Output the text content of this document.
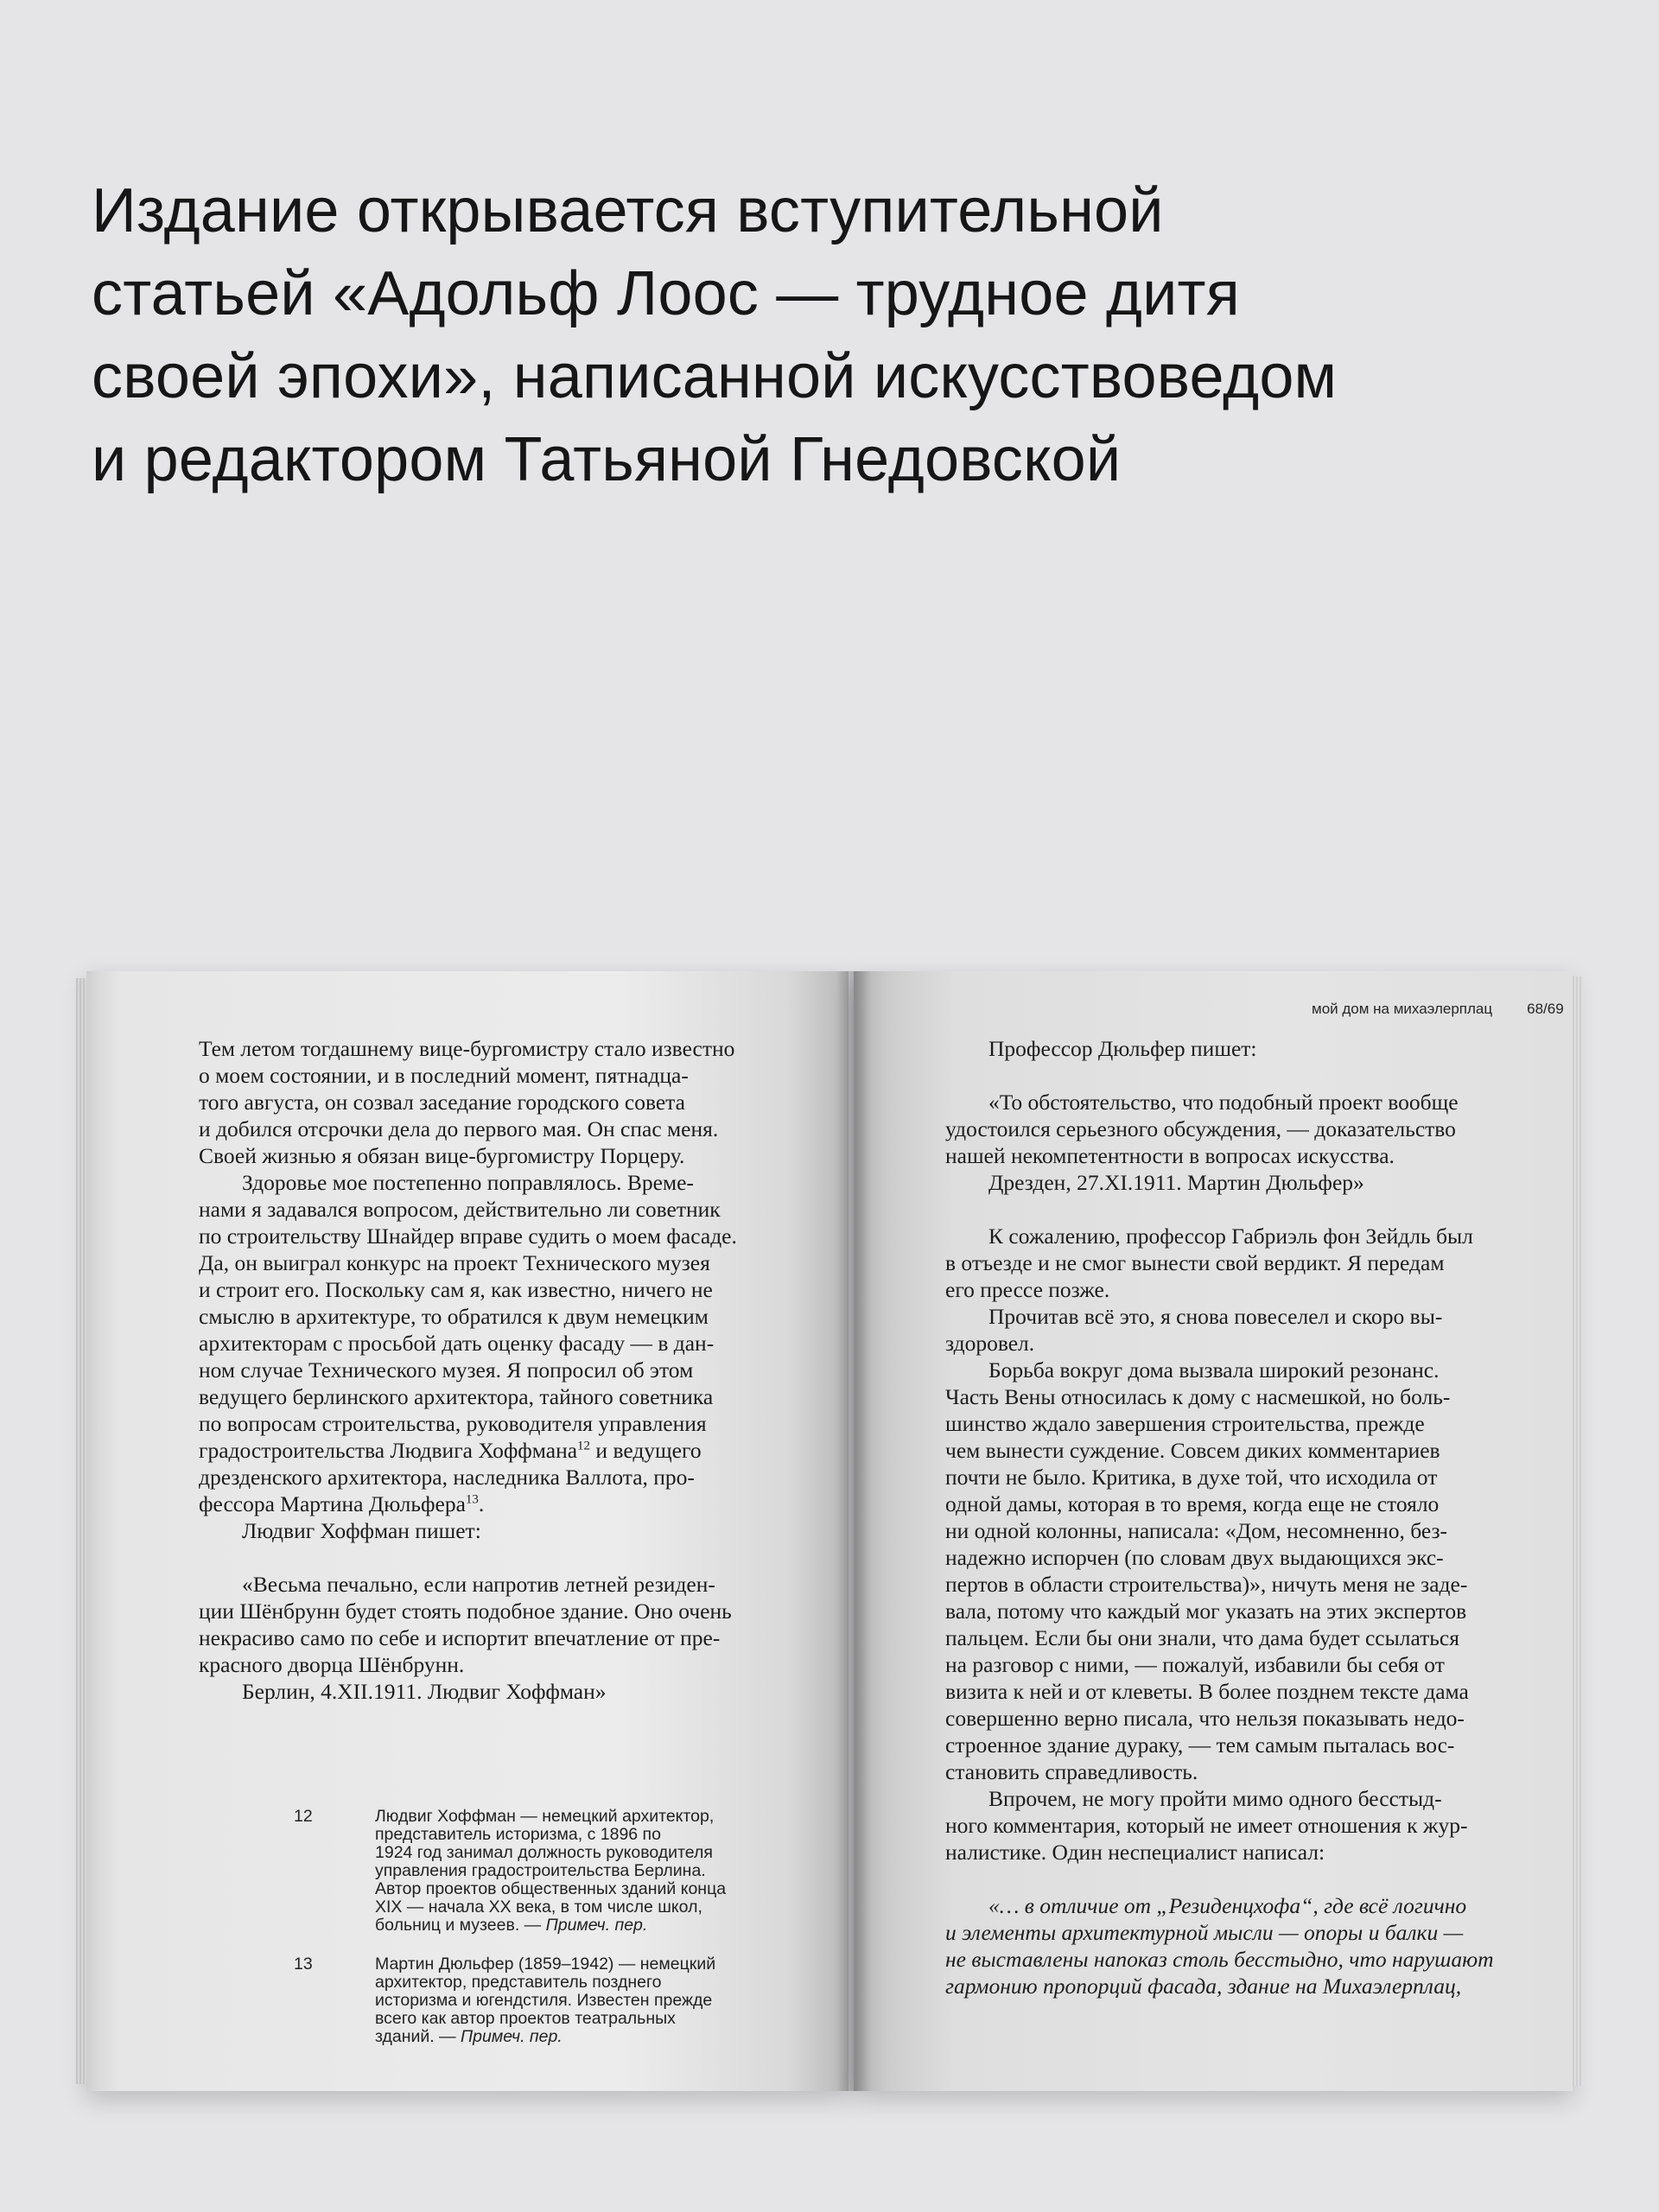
Издание открывается вступительной
статьей «Адольф Лоос — трудное дитя
своей эпохи», написанной искусствоведом
и редактором Татьяной Гнедовской
Тем летом тогдашнему вице-бургомистру стало известно
о моем состоянии, и в последний момент, пятнадца-
того августа, он созвал заседание городского совета
и добился отсрочки дела до первого мая. Он спас меня.
Своей жизнью я обязан вице-бургомистру Порцеру.
Здоровье мое постепенно поправлялось. Време-
нами я задавался вопросом, действительно ли советник
по строительству Шнайдер вправе судить о моем фасаде.
Да, он выиграл конкурс на проект Технического музея
и строит его. Поскольку сам я, как известно, ничего не
смыслю в архитектуре, то обратился к двум немецким
архитекторам с просьбой дать оценку фасаду — в дан-
ном случае Технического музея. Я попросил об этом
ведущего берлинского архитектора, тайного советника
по вопросам строительства, руководителя управления
градостроительства Людвига Хоффмана$^{12}$ и ведущего
дрезденского архитектора, наследника Валлота, про-
фессора Мартина Дюльфера$^{13}$.
Людвиг Хоффман пишет:
«Весьма печально, если напротив летней резиден-
ции Шёнбрунн будет стоять подобное здание. Оно очень
некрасиво само по себе и испортит впечатление от пре-
красного дворца Шёнбрунн.
Берлин, 4.XII.1911. Людвиг Хоффман»
12	Людвиг Хоффман — немецкий архитектор,
представитель историзма, с 1896 по
1924 год занимал должность руководителя
управления градостроительства Берлина.
Автор проектов общественных зданий конца
XIX — начала XX века, в том числе школ,
больниц и музеев. — Примеч. пер.
13	Мартин Дюльфер (1859–1942) — немецкий
архитектор, представитель позднего
историзма и югендстиля. Известен прежде
всего как автор проектов театральных
зданий. — Примеч. пер.
мой дом на михаэлерплац 68/69
Профессор Дюльфер пишет:
«То обстоятельство, что подобный проект вообще
удостоился серьезного обсуждения, — доказательство
нашей некомпетентности в вопросах искусства.
Дрезден, 27.XI.1911. Мартин Дюльфер»
К сожалению, профессор Габриэль фон Зейдль был
в отъезде и не смог вынести свой вердикт. Я передам
его прессе позже.
Прочитав всё это, я снова повеселел и скоро вы-
здоровел.
Борьба вокруг дома вызвала широкий резонанс.
Часть Вены относилась к дому с насмешкой, но боль-
шинство ждало завершения строительства, прежде
чем вынести суждение. Совсем диких комментариев
почти не было. Критика, в духе той, что исходила от
одной дамы, которая в то время, когда еще не стояло
ни одной колонны, написала: «Дом, несомненно, без-
надежно испорчен (по словам двух выдающихся экс-
пертов в области строительства)», ничуть меня не заде-
вала, потому что каждый мог указать на этих экспертов
пальцем. Если бы они знали, что дама будет ссылаться
на разговор с ними, — пожалуй, избавили бы себя от
визита к ней и от клеветы. В более позднем тексте дама
совершенно верно писала, что нельзя показывать недо-
строенное здание дураку, — тем самым пыталась вос-
становить справедливость.
Впрочем, не могу пройти мимо одного бесстыд-
ного комментария, который не имеет отношения к жур-
налистике. Один неспециалист написал:
«… в отличие от „Резиденцхофа“, где всё логично
и элементы архитектурной мысли — опоры и балки —
не выставлены напоказ столь бесстыдно, что нарушают
гармонию пропорций фасада, здание на Михаэлерплац,
